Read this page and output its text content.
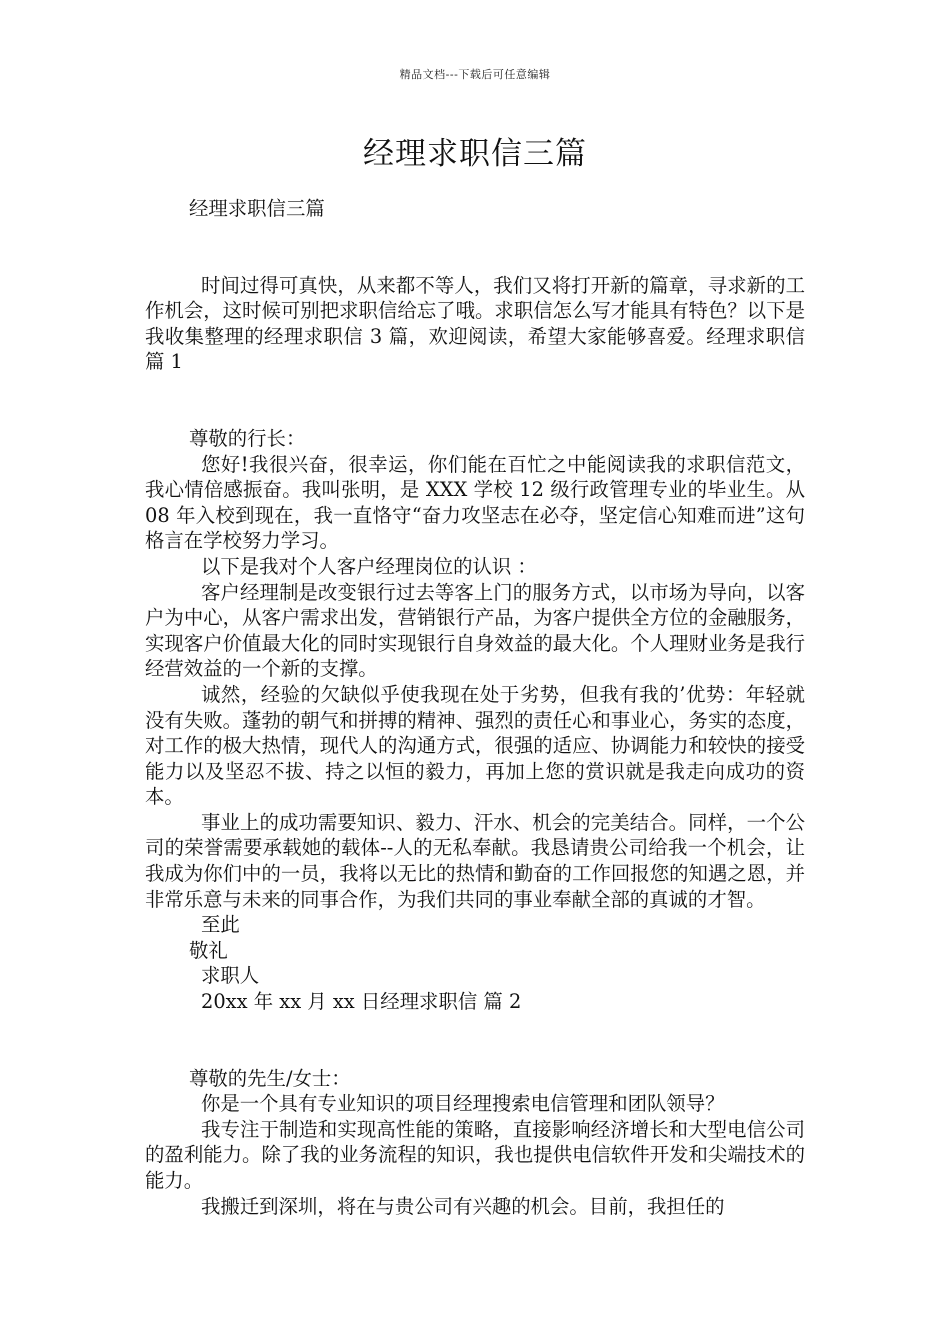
精品文档---下载后可任意编辑
经理求职信三篇

经理求职信三篇

时间过得可真快，从来都不等人，我们又将打开新的篇章，寻求新的工作机会，这时候可别把求职信给忘了哦。求职信怎么写才能具有特色？以下是我收集整理的经理求职信 3 篇，欢迎阅读，希望大家能够喜爱。经理求职信 篇 1

尊敬的行长：

您好!我很兴奋，很幸运，你们能在百忙之中能阅读我的求职信范文，我心情倍感振奋。我叫张明，是 XXX 学校 12 级行政管理专业的毕业生。从 08 年入校到现在，我一直恪守“奋力攻坚志在必夺，坚定信心知难而进”这句格言在学校努力学习。

以下是我对个人客户经理岗位的认识 ：

客户经理制是改变银行过去等客上门的服务方式，以市场为导向，以客户为中心，从客户需求出发，营销银行产品，为客户提供全方位的金融服务，实现客户价值最大化的同时实现银行自身效益的最大化。个人理财业务是我行经营效益的一个新的支撑。

诚然，经验的欠缺似乎使我现在处于劣势，但我有我的’优势：年轻就没有失败。蓬勃的朝气和拼搏的精神、强烈的责任心和事业心，务实的态度，对工作的极大热情，现代人的沟通方式，很强的适应、协调能力和较快的接受能力以及坚忍不拔、持之以恒的毅力，再加上您的赏识就是我走向成功的资本。

事业上的成功需要知识、毅力、汗水、机会的完美结合。同样，一个公司的荣誉需要承载她的载体--人的无私奉献。我恳请贵公司给我一个机会，让我成为你们中的一员，我将以无比的热情和勤奋的工作回报您的知遇之恩，并非常乐意与未来的同事合作，为我们共同的事业奉献全部的真诚的才智。

至此

敬礼

求职人

20xx 年 xx 月 xx 日经理求职信 篇 2

尊敬的先生/女士：

你是一个具有专业知识的项目经理搜索电信管理和团队领导？

我专注于制造和实现高性能的策略，直接影响经济增长和大型电信公司的盈利能力。除了我的业务流程的知识，我也提供电信软件开发和尖端技术的能力。

我搬迁到深圳，将在与贵公司有兴趣的机会。目前，我担任的
